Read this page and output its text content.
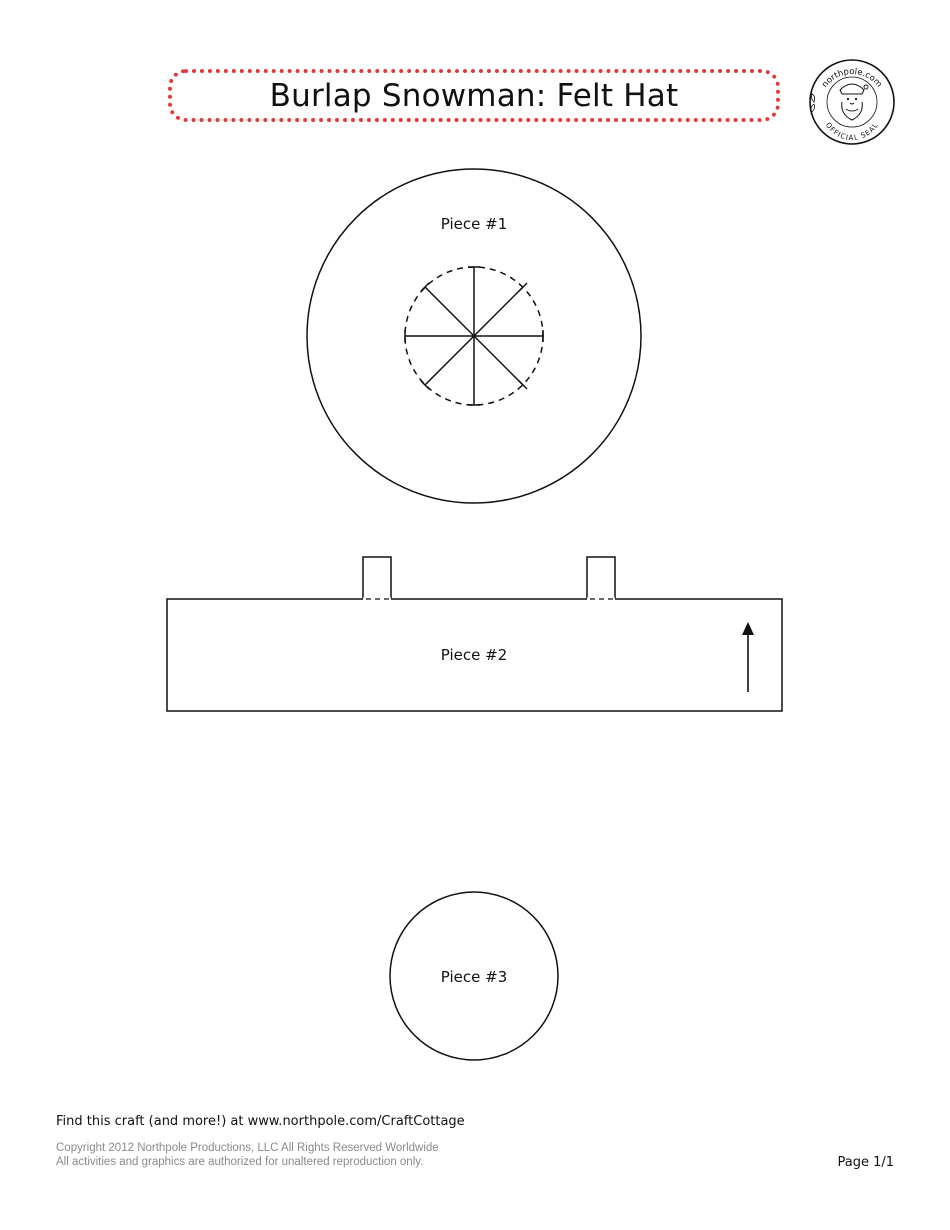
Burlap Snowman: Felt Hat	northpole.com
OFFICIAL SEAL
Piece #1
Piece #2
Piece #3
Find this craft (and more!) at www.northpole.com/CraftCottage
Copyright 2012 Northpole Productions, LLC All Rights Reserved Worldwide
All activities and graphics are authorized for unaltered reproduction only.	Page 1/1
